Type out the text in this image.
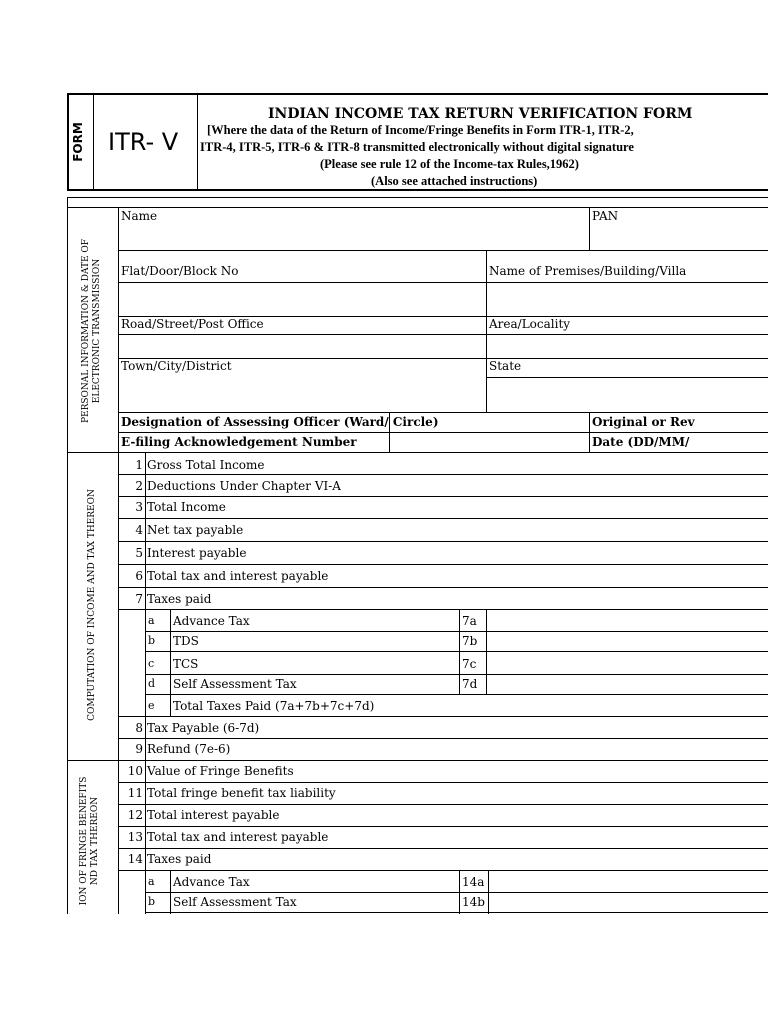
FORM ITR- V
INDIAN INCOME TAX RETURN VERIFICATION FORM
[Where the data of the Return of Income/Fringe Benefits in Form ITR-1, ITR-2,
ITR-4, ITR-5, ITR-6 & ITR-8 transmitted electronically without digital signature
(Please see rule 12 of the Income-tax Rules,1962)
(Also see attached instructions)
PERSONAL INFORMATION & DATE OF
ELECTRONIC TRANSMISSION
COMPUTATION OF INCOME AND TAX THEREON
ION OF FRINGE BENEFITS
ND TAX THEREON
Name	PAN
Flat/Door/Block No	Name of Premises/Building/Villa
Road/Street/Post Office	Area/Locality
Town/City/District	State
Designation of Assessing Officer (Ward/ Circle)	Original or Rev
E-filing Acknowledgement Number	Date (DD/MM/
1 Gross Total Income
2 Deductions Under Chapter VI-A
3 Total Income
4 Net tax payable
5 Interest payable
6 Total tax and interest payable
7 Taxes paid
a Advance Tax	7a
b TDS	7b
c TCS	7c
d Self Assessment Tax	7d
e Total Taxes Paid (7a+7b+7c+7d)
8 Tax Payable (6-7d)
9 Refund (7e-6)
10 Value of Fringe Benefits
11 Total fringe benefit tax liability
12 Total interest payable
13 Total tax and interest payable
14 Taxes paid
a Advance Tax	14a
b Self Assessment Tax	14b
